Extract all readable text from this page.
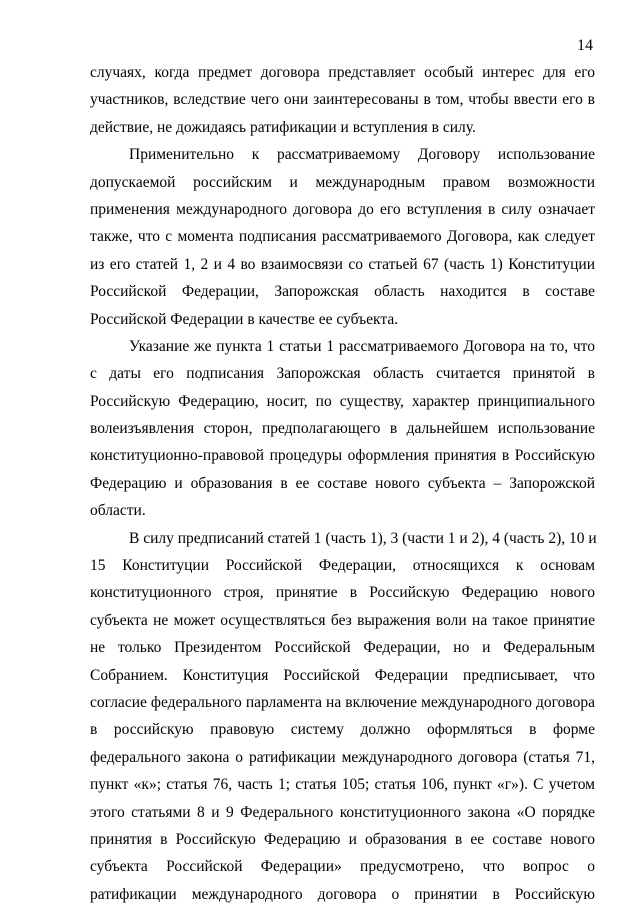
14
случаях, когда предмет договора представляет особый интерес для его
участников, вследствие чего они заинтересованы в том, чтобы ввести его в
действие, не дожидаясь ратификации и вступления в силу.
Применительно к рассматриваемому Договору использование
допускаемой российским и международным правом возможности
применения международного договора до его вступления в силу означает
также, что с момента подписания рассматриваемого Договора, как следует
из его статей 1, 2 и 4 во взаимосвязи со статьей 67 (часть 1) Конституции
Российской Федерации, Запорожская область находится в составе
Российской Федерации в качестве ее субъекта.
Указание же пункта 1 статьи 1 рассматриваемого Договора на то, что
с даты его подписания Запорожская область считается принятой в
Российскую Федерацию, носит, по существу, характер принципиального
волеизъявления сторон, предполагающего в дальнейшем использование
конституционно-правовой процедуры оформления принятия в Российскую
Федерацию и образования в ее составе нового субъекта – Запорожской
области.
В силу предписаний статей 1 (часть 1), 3 (части 1 и 2), 4 (часть 2), 10 и
15 Конституции Российской Федерации, относящихся к основам
конституционного строя, принятие в Российскую Федерацию нового
субъекта не может осуществляться без выражения воли на такое принятие
не только Президентом Российской Федерации, но и Федеральным
Собранием. Конституция Российской Федерации предписывает, что
согласие федерального парламента на включение международного договора
в российскую правовую систему должно оформляться в форме
федерального закона о ратификации международного договора (статья 71,
пункт «к»; статья 76, часть 1; статья 105; статья 106, пункт «г»). С учетом
этого статьями 8 и 9 Федерального конституционного закона «О порядке
принятия в Российскую Федерацию и образования в ее составе нового
субъекта Российской Федерации» предусмотрено, что вопрос о
ратификации международного договора о принятии в Российскую
